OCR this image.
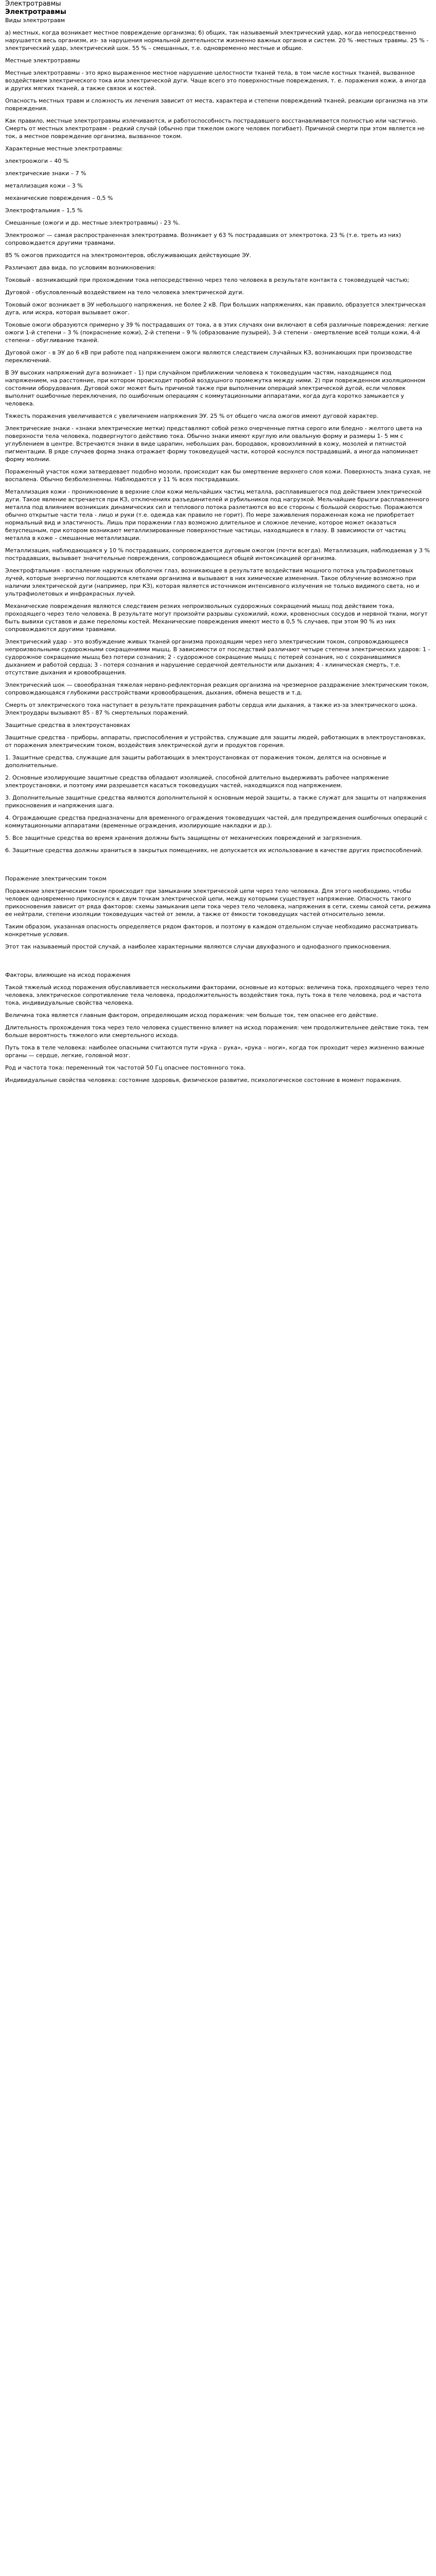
Электротравмы
Электротравмы

Виды электротравм

а) местных, когда возникает местное повреждение организма; б) общих, так называемый электрический удар, когда непосредственно нарушается весь организм, из- за нарушения нормальной деятельности жизненно важных органов и систем. 20 % -местных травмы. 25 % - электрический удар, электрический шок. 55 % – смешанных, т.е. одновременно местные и общие.

Местные электротравмы

Местные электротравмы - это ярко выраженное местное нарушение целостности тканей тела, в том числе костных тканей, вызванное воздействием электрического тока или электрической дуги. Чаще всего это поверхностные повреждения, т. е. поражения кожи, а иногда и других мягких тканей, а также связок и костей.

Опасность местных травм и сложность их лечения зависит от места, характера и степени повреждений тканей, реакции организма на эти повреждения.

Как правило, местные электротравмы излечиваются, и работоспособность пострадавшего восстанавливается полностью или частично. Смерть от местных электротравм - редкий случай (обычно при тяжелом ожоге человек погибает). Причиной смерти при этом является не ток, а местное повреждение организма, вызванное током.

Характерные местные электротравмы:

электроожоги – 40 %

электрические знаки – 7 %

металлизация кожи – 3 %

механические повреждения – 0,5 %

Электрофтальмия – 1,5 %

Смешанные (ожоги и др. местные электротравмы) - 23 %.

Электроожог — самая распространенная электротравма. Возникает у 63 % пострадавших от электротока. 23 % (т.е. треть из них) сопровождается другими травмами.

85 % ожогов приходится на электромонтеров, обслуживающих действующие ЭУ.

Различают два вида, по условиям возникновения:

Токовый - возникающий при прохождении тока непосредственно через тело человека в результате контакта с токоведущей частью;

Дуговой - обусловленный воздействием на тело человека электрической дуги.

Токовый ожог возникает в ЭУ небольшого напряжения, не более 2 кВ. При больших напряжениях, как правило, образуется электрическая дуга, или искра, которая вызывает ожог.

Токовые ожоги образуются примерно у 39 % пострадавших от тока, а в этих случаях они включают в себя различные повреждения: легкие ожоги 1-й степени – 3 % (покраснение кожи), 2-й степени – 9 % (образование пузырей), 3-й степени - омертвление всей толщи кожи, 4-й степени – обугливание тканей.

Дуговой ожог - в ЭУ до 6 кВ при работе под напряжением ожоги являются следствием случайных КЗ, возникающих при производстве переключений.

В ЭУ высоких напряжений дуга возникает - 1) при случайном приближении человека к токоведущим частям, находящимся под напряжением, на расстояние, при котором происходит пробой воздушного промежутка между ними. 2) при поврежденном изоляционном состоянии оборудования. Дуговой ожог может быть причиной также при выполнении операций электрической дугой, если человек выполнит ошибочные переключения, по ошибочным операциям с коммутационными аппаратами, когда дуга коротко замыкается у человека.

Тяжесть поражения увеличивается с увеличением напряжения ЭУ. 25 % от общего числа ожогов имеют дуговой характер.

Электрические знаки - «знаки электрические метки) представляют собой резко очерченные пятна серого или бледно - желтого цвета на поверхности тела человека, подвергнутого действию тока. Обычно знаки имеют круглую или овальную форму и размеры 1- 5 мм с углублением в центре. Встречаются знаки в виде царапин, небольших ран, бородавок, кровоизлияний в кожу, мозолей и пятнистой пигментации. В ряде случаев форма знака отражает форму токоведущей части, которой коснулся пострадавший, а иногда напоминает форму молнии.

Пораженный участок кожи затвердевает подобно мозоли, происходит как бы омертвение верхнего слоя кожи. Поверхность знака сухая, не воспалена. Обычно безболезненны. Наблюдаются у 11 % всех пострадавших.

Металлизация кожи - проникновение в верхние слои кожи мельчайших частиц металла, расплавившегося под действием электрической дуги. Такое явление встречается при КЗ, отключениях разъединителей и рубильников под нагрузкой. Мельчайшие брызги расплавленного металла под влиянием возникших динамических сил и теплового потока разлетаются во все стороны с большой скоростью. Поражаются обычно открытые части тела - лицо и руки (т.е. одежда как правило не горит). По мере заживления пораженная кожа не приобретает нормальный вид и эластичность. Лишь при поражении глаз возможно длительное и сложное лечение, которое может оказаться безуспешным, при котором возникают металлизированные поверхностные частицы, находящиеся в глазу. В зависимости от частиц металла в коже – смешанные металлизации.

Металлизация, наблюдающаяся у 10 % пострадавших, сопровождается дуговым ожогом (почти всегда). Металлизация, наблюдаемая у 3 % пострадавших, вызывает значительные повреждения, сопровождающиеся общей интоксикацией организма.

Электрофтальмия - воспаление наружных оболочек глаз, возникающее в результате воздействия мощного потока ультрафиолетовых лучей, которые энергично поглощаются клетками организма и вызывают в них химические изменения. Такое облучение возможно при наличии электрической дуги (например, при КЗ), которая является источником интенсивного излучения не только видимого света, но и ультрафиолетовых и инфракрасных лучей.

Механические повреждения являются следствием резких непроизвольных судорожных сокращений мышц под действием тока, проходящего через тело человека. В результате могут произойти разрывы сухожилий, кожи, кровеносных сосудов и нервной ткани, могут быть вывихи суставов и даже переломы костей. Механические повреждения имеют место в 0,5 % случаев, при этом 90 % из них сопровождаются другими травмами.

Электрический удар – это возбуждение живых тканей организма проходящим через него электрическим током, сопровождающееся непроизвольными судорожными сокращениями мышц. В зависимости от последствий различают четыре степени электрических ударов: 1 - судорожное сокращение мышц без потери сознания; 2 - судорожное сокращение мышц с потерей сознания, но с сохранившимися дыханием и работой сердца; 3 - потеря сознания и нарушение сердечной деятельности или дыхания; 4 - клиническая смерть, т.е. отсутствие дыхания и кровообращения.

Электрический шок — своеобразная тяжелая нервно-рефлекторная реакция организма на чрезмерное раздражение электрическим током, сопровождающаяся глубокими расстройствами кровообращения, дыхания, обмена веществ и т.д.

Смерть от электрического тока наступает в результате прекращения работы сердца или дыхания, а также из-за электрического шока. Электроудары вызывают 85 - 87 % смертельных поражений.

Защитные средства в электроустановках

Защитные средства - приборы, аппараты, приспособления и устройства, служащие для защиты людей, работающих в электроустановках, от поражения электрическим током, воздействия электрической дуги и продуктов горения.

1. Защитные средства, служащие для защиты работающих в электроустановках от поражения током, делятся на основные и дополнительные.

2. Основные изолирующие защитные средства обладают изоляцией, способной длительно выдерживать рабочее напряжение электроустановки, и поэтому ими разрешается касаться токоведущих частей, находящихся под напряжением.

3. Дополнительные защитные средства являются дополнительной к основным мерой защиты, а также служат для защиты от напряжения прикосновения и напряжения шага.

4. Ограждающие средства предназначены для временного ограждения токоведущих частей, для предупреждения ошибочных операций с коммутационными аппаратами (временные ограждения, изолирующие накладки и др.).

5. Все защитные средства во время хранения должны быть защищены от механических повреждений и загрязнения.

6. Защитные средства должны храниться в закрытых помещениях, не допускается их использование в качестве других приспособлений.

Поражение электрическим током

Поражение электрическим током происходит при замыкании электрической цепи через тело человека. Для этого необходимо, чтобы человек одновременно прикоснулся к двум точкам электрической цепи, между которыми существует напряжение. Опасность такого прикосновения зависит от ряда факторов: схемы замыкания цепи тока через тело человека, напряжения в сети, схемы самой сети, режима ее нейтрали, степени изоляции токоведущих частей от земли, а также от ёмкости токоведущих частей относительно земли.

Таким образом, указанная опасность определяется рядом факторов, и поэтому в каждом отдельном случае необходимо рассматривать конкретные условия.

Этот так называемый простой случай, а наиболее характерными являются случаи двухфазного и однофазного прикосновения.

Факторы, влияющие на исход поражения

Такой тяжелый исход поражения обуславливается несколькими факторами, основные из которых: величина тока, проходящего через тело человека, электрическое сопротивление тела человека, продолжительность воздействия тока, путь тока в теле человека, род и частота тока, индивидуальные свойства человека.

Величина тока является главным фактором, определяющим исход поражения: чем больше ток, тем опаснее его действие.

Длительность прохождения тока через тело человека существенно влияет на исход поражения: чем продолжительнее действие тока, тем больше вероятность тяжелого или смертельного исхода.

Путь тока в теле человека: наиболее опасными считаются пути «рука – рука», «рука – ноги», когда ток проходит через жизненно важные органы — сердце, легкие, головной мозг.

Род и частота тока: переменный ток частотой 50 Гц опаснее постоянного тока.

Индивидуальные свойства человека: состояние здоровья, физическое развитие, психологическое состояние в момент поражения.
